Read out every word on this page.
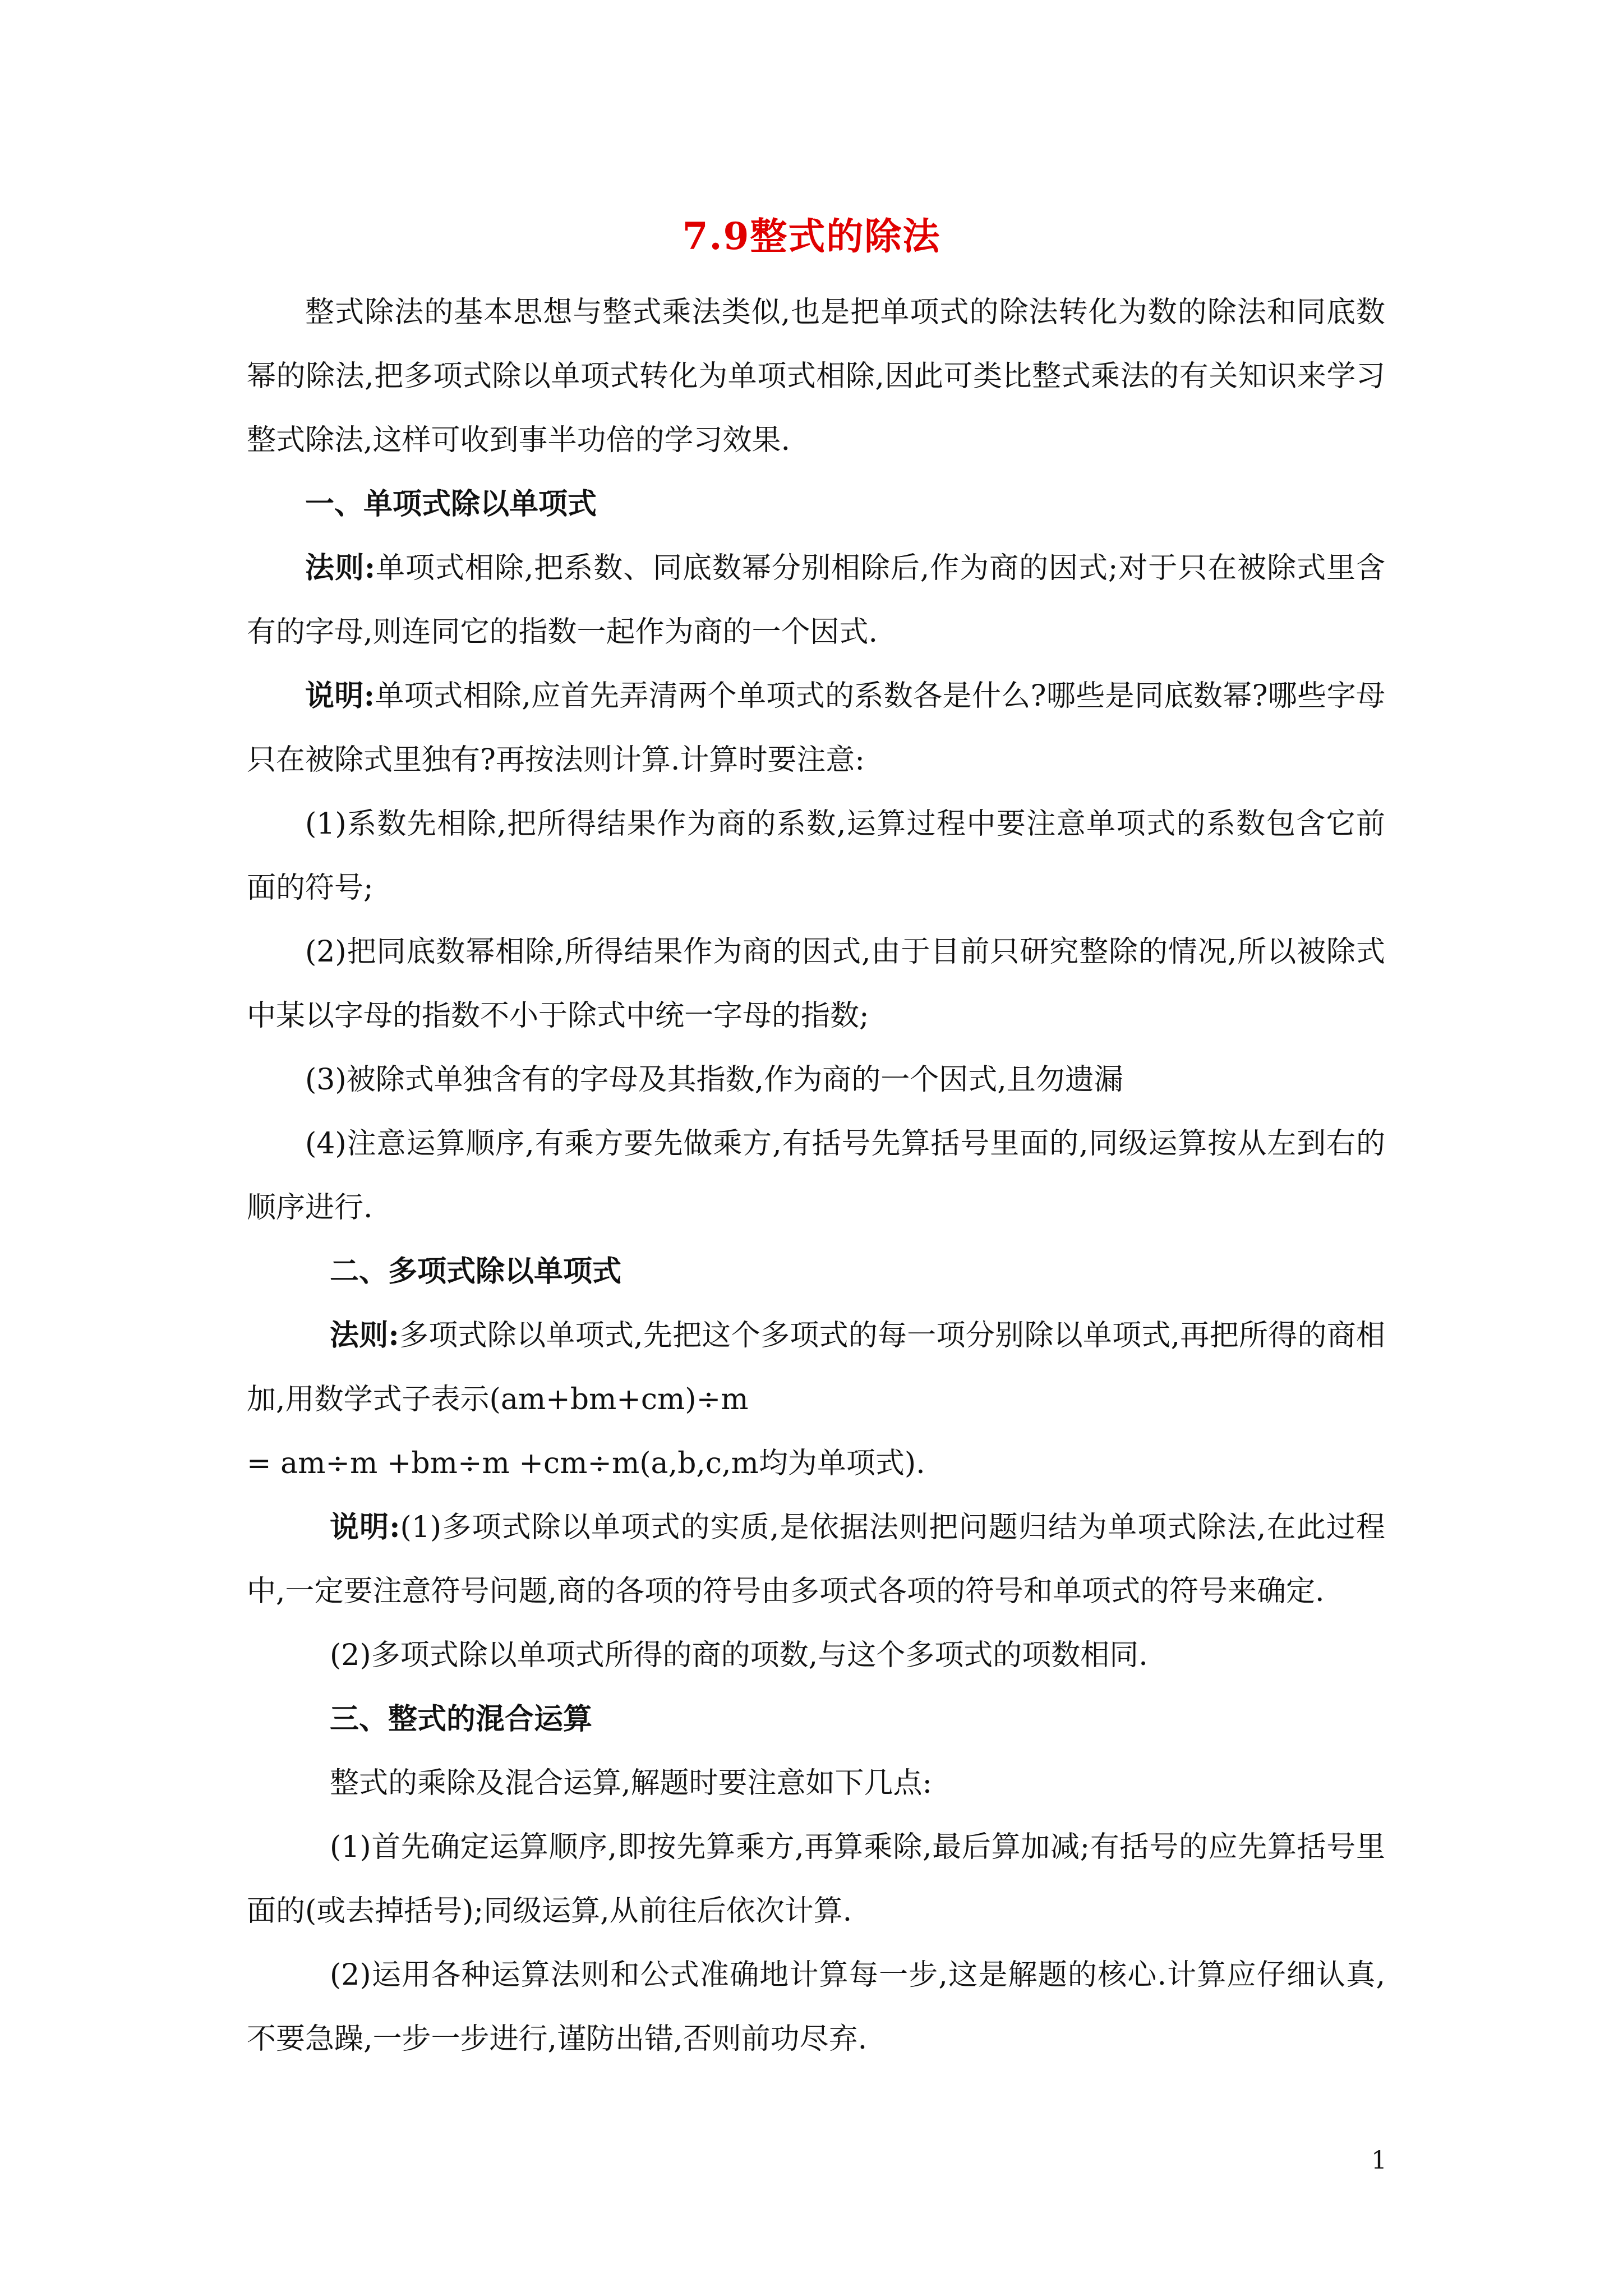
7.9整式的除法

整式除法的基本思想与整式乘法类似,也是把单项式的除法转化为数的除法和同底数幂的除法,把多项式除以单项式转化为单项式相除,因此可类比整式乘法的有关知识来学习整式除法,这样可收到事半功倍的学习效果.

一、单项式除以单项式

法则:单项式相除,把系数、同底数幂分别相除后,作为商的因式;对于只在被除式里含有的字母,则连同它的指数一起作为商的一个因式.

说明:单项式相除,应首先弄清两个单项式的系数各是什么?哪些是同底数幂?哪些字母只在被除式里独有?再按法则计算.计算时要注意:

(1)系数先相除,把所得结果作为商的系数,运算过程中要注意单项式的系数包含它前面的符号;

(2)把同底数幂相除,所得结果作为商的因式,由于目前只研究整除的情况,所以被除式中某以字母的指数不小于除式中统一字母的指数;

(3)被除式单独含有的字母及其指数,作为商的一个因式,且勿遗漏

(4)注意运算顺序,有乘方要先做乘方,有括号先算括号里面的,同级运算按从左到右的顺序进行.

二、多项式除以单项式

法则:多项式除以单项式,先把这个多项式的每一项分别除以单项式,再把所得的商相加,用数学式子表示(am+bm+cm)÷m

= am÷m +bm÷m +cm÷m(a,b,c,m均为单项式).

说明:(1)多项式除以单项式的实质,是依据法则把问题归结为单项式除法,在此过程中,一定要注意符号问题,商的各项的符号由多项式各项的符号和单项式的符号来确定.

(2)多项式除以单项式所得的商的项数,与这个多项式的项数相同.

三、整式的混合运算

整式的乘除及混合运算,解题时要注意如下几点:

(1)首先确定运算顺序,即按先算乘方,再算乘除,最后算加减;有括号的应先算括号里面的(或去掉括号);同级运算,从前往后依次计算.

(2)运用各种运算法则和公式准确地计算每一步,这是解题的核心.计算应仔细认真,不要急躁,一步一步进行,谨防出错,否则前功尽弃.

1
